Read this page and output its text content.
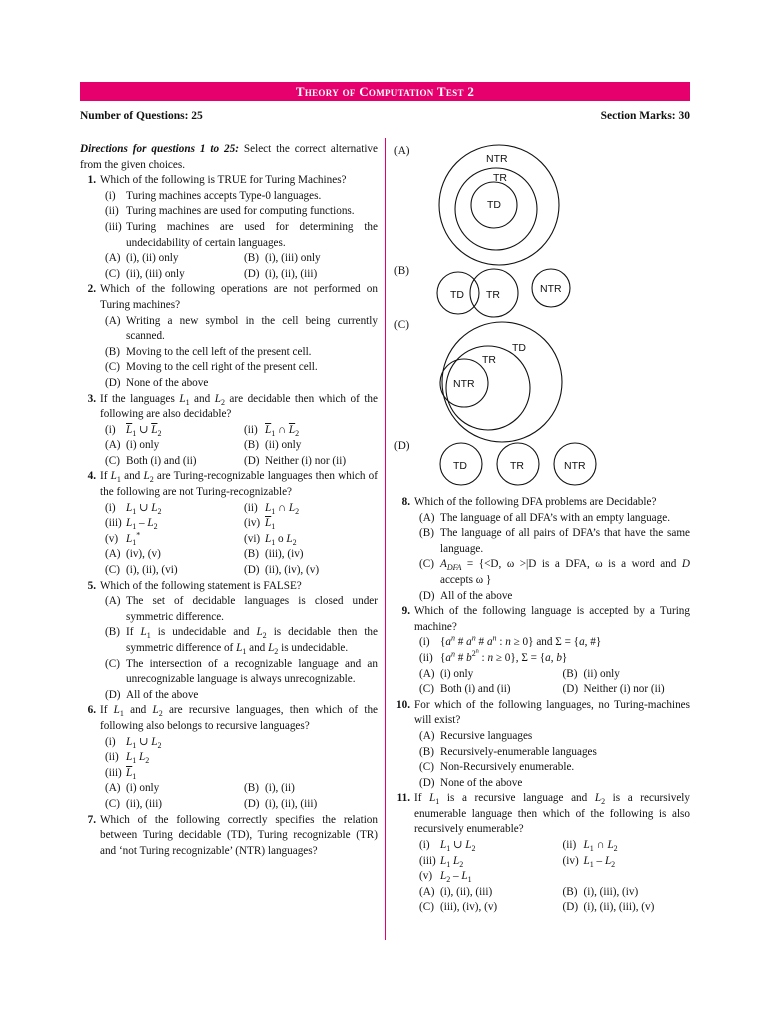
Theory of Computation Test 2
Number of Questions: 25	Section Marks: 30
Directions for questions 1 to 25: Select the correct alternative from the given choices.
1. Which of the following is TRUE for Turing Machines?
(i) Turing machines accepts Type-0 languages.
(ii) Turing machines are used for computing functions.
(iii) Turing machines are used for determining the undecidability of certain languages.
(A) (i), (ii) only	(B) (i), (iii) only
(C) (ii), (iii) only	(D) (i), (ii), (iii)
2. Which of the following operations are not performed on Turing machines?
(A) Writing a new symbol in the cell being currently scanned.
(B) Moving to the cell left of the present cell.
(C) Moving to the cell right of the present cell.
(D) None of the above
3. If the languages $L_1$ and $L_2$ are decidable then which of the following are also decidable?
(i) $\overline{L}_1$ ∪ $\overline{L}_2$	(ii) $\overline{L}_1$ ∩ $\overline{L}_2$
(A) (i) only	(B) (ii) only
(C) Both (i) and (ii)	(D) Neither (i) nor (ii)
4. If $L_1$ and $L_2$ are Turing-recognizable languages then which of the following are not Turing-recognizable?
(i) $L_1$ ∪ $L_2$	(ii) $L_1$ ∩ $L_2$
(iii) $L_1 - L_2$	(iv) $\overline{L}_1$
(v) $L_1^*$	(vi) $L_1$ o $L_2$
(A) (iv), (v)	(B) (iii), (iv)
(C) (i), (ii), (vi)	(D) (ii), (iv), (v)
5. Which of the following statement is FALSE?
(A) The set of decidable languages is closed under symmetric difference.
(B) If $L_1$ is undecidable and $L_2$ is decidable then the symmetric difference of $L_1$ and $L_2$ is undecidable.
(C) The intersection of a recognizable language and an unrecognizable language is always unrecognizable.
(D) All of the above
6. If $L_1$ and $L_2$ are recursive languages, then which of the following also belongs to recursive languages?
(i) $L_1$ ∪ $L_2$
(ii) $L_1$ $L_2$
(iii) $\overline{L}_1$
(A) (i) only	(B) (i), (ii)
(C) (ii), (iii)	(D) (i), (ii), (iii)
7. Which of the following correctly specifies the relation between Turing decidable (TD), Turing recognizable (TR) and ‘not Turing recognizable’ (NTR) languages?
(A)
NTR
TR
TD
TD TR	NTR
TD
TR
NTR
TD	TR	NTR
(B)
(C)
(D)
8. Which of the following DFA problems are Decidable?
(A) The language of all DFA’s with an empty language.
(B) The language of all pairs of DFA’s that have the same language.
(C) $A_{DFA} = \{<D$, ω >|D is a DFA, ω is a word and D accepts ω }
(D) All of the above
9. Which of the following language is accepted by a Turing machine?
(i) {$a^n$ # $a^n$ # $a^n$ : n ≥ 0} and Σ = {a, #}
(ii) {$a^n$ # $b^{2^n}$ : n ≥ 0}, Σ = {a, b}
(A) (i) only	(B) (ii) only
(C) Both (i) and (ii)	(D) Neither (i) nor (ii)
10. For which of the following languages, no Turing-machines will exist?
(A) Recursive languages
(B) Recursively-enumerable languages
(C) Non-Recursively enumerable.
(D) None of the above
11. If $L_1$ is a recursive language and $L_2$ is a recursively enumerable language then which of the following is also recursively enumerable?
(i) $L_1$ ∪ $L_2$	(ii) $L_1$ ∩ $L_2$
(iii) $L_1$ $L_2$	(iv) $L_1 - L_2$
(v) $L_2 - L_1$
(A) (i), (ii), (iii)	(B) (i), (iii), (iv)
(C) (iii), (iv), (v)	(D) (i), (ii), (iii), (v)
